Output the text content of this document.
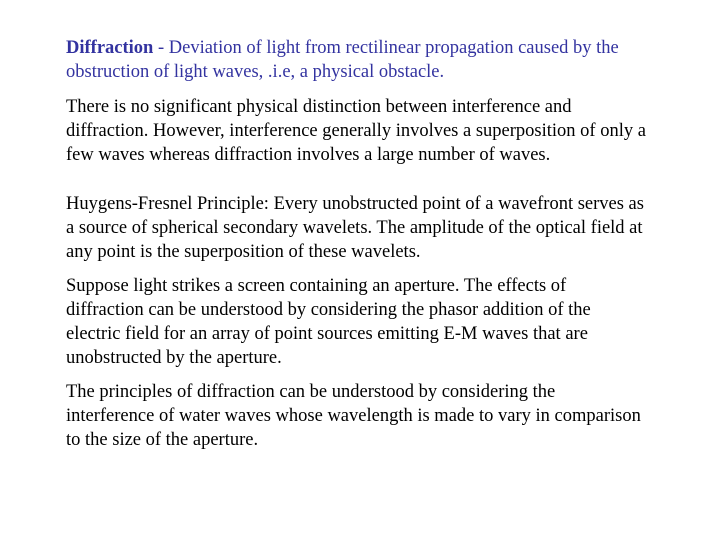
Diffraction - Deviation of light from rectilinear propagation caused by the obstruction of light waves, .i.e, a physical obstacle.

There is no significant physical distinction between interference and diffraction. However, interference generally involves a superposition of only a few waves whereas diffraction involves a large number of waves.

Huygens-Fresnel Principle: Every unobstructed point of a wavefront serves as a source of spherical secondary wavelets. The amplitude of the optical field at any point is the superposition of these wavelets.

Suppose light strikes a screen containing an aperture. The effects of diffraction can be understood by considering the phasor addition of the electric field for an array of point sources emitting E-M waves that are unobstructed by the aperture.

The principles of diffraction can be understood by considering the interference of water waves whose wavelength is made to vary in comparison to the size of the aperture.
